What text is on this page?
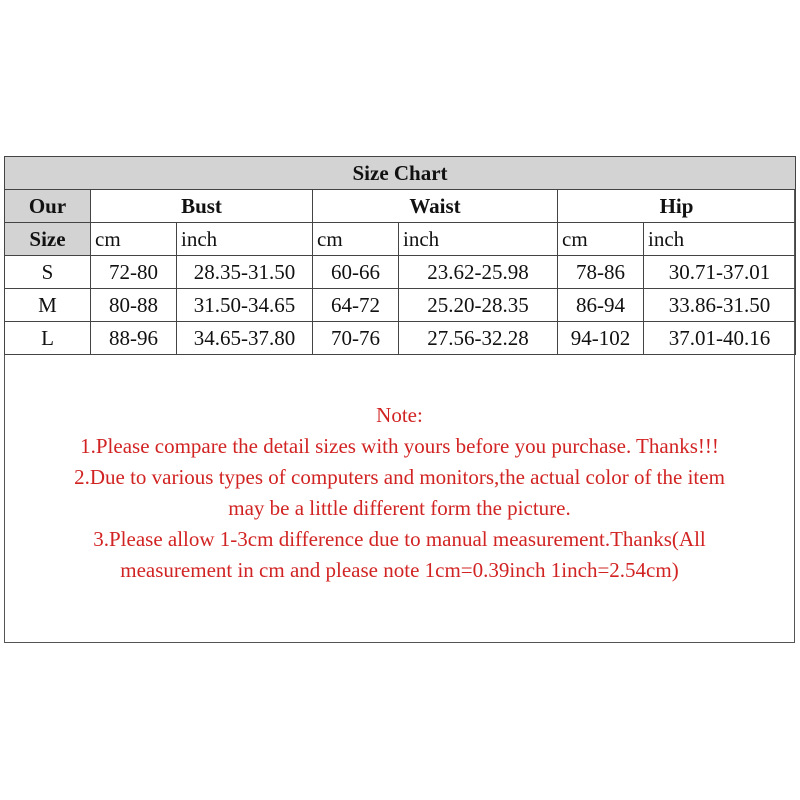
Size Chart						
Our	Bust		Waist		Hip	
Size	cm	inch	cm	inch	cm	inch
S	72-80	28.35-31.50	60-66	23.62-25.98	78-86	30.71-37.01
M	80-88	31.50-34.65	64-72	25.20-28.35	86-94	33.86-31.50
L	88-96	34.65-37.80	70-76	27.56-32.28	94-102	37.01-40.16
Note:
1.Please compare the detail sizes with yours before you purchase. Thanks!!!
2.Due to various types of computers and monitors,the actual color of the item
may be a little different form the picture.
3.Please allow 1-3cm difference due to manual measurement.Thanks(All
measurement in cm and please note 1cm=0.39inch 1inch=2.54cm)
